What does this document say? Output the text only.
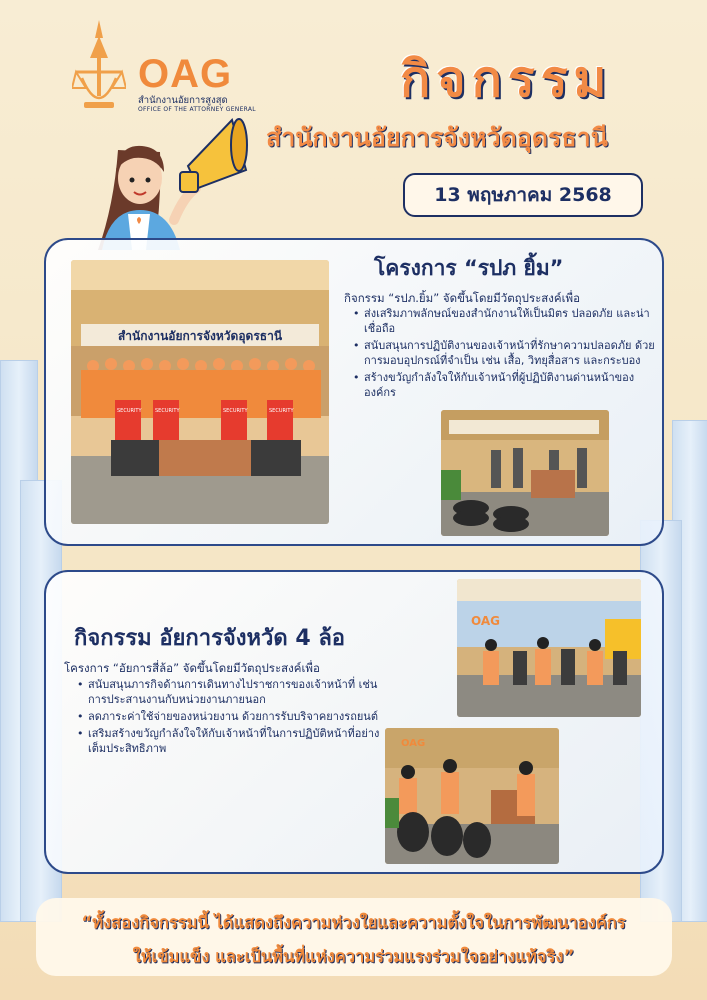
OAG
สำนักงานอัยการสูงสุด
OFFICE OF THE ATTORNEY GENERAL
กิจกรรม
สำนักงานอัยการจังหวัดอุดรธานี
13 พฤษภาคม 2568
สำนักงานอัยการจังหวัดอุดรธานี
SECURITY	SECURITY	SECURITY	SECURITY
โครงการ “รปภ ยิ้ม”
กิจกรรม “รปภ.ยิ้ม” จัดขึ้นโดยมีวัตถุประสงค์เพื่อ
• ส่งเสริมภาพลักษณ์ของสำนักงานให้เป็นมิตร ปลอดภัย และน่าเชื่อถือ
• สนับสนุนการปฏิบัติงานของเจ้าหน้าที่รักษาความปลอดภัย ด้วยการมอบอุปกรณ์ที่จำเป็น เช่น เสื้อ, วิทยุสื่อสาร และกระบอง
• สร้างขวัญกำลังใจให้กับเจ้าหน้าที่ผู้ปฏิบัติงานด่านหน้าขององค์กร
กิจกรรม อัยการจังหวัด 4 ล้อ
โครงการ “อัยการสี่ล้อ” จัดขึ้นโดยมีวัตถุประสงค์เพื่อ
• สนับสนุนภารกิจด้านการเดินทางไปราชการของเจ้าหน้าที่ เช่น การประสานงานกับหน่วยงานภายนอก
• ลดภาระค่าใช้จ่ายของหน่วยงาน ด้วยการรับบริจาคยางรถยนต์
• เสริมสร้างขวัญกำลังใจให้กับเจ้าหน้าที่ในการปฏิบัติหน้าที่อย่างเต็มประสิทธิภาพ
OAG
OAG
“ทั้งสองกิจกรรมนี้ ได้แสดงถึงความห่วงใยและความตั้งใจในการพัฒนาองค์กร
ให้เข้มแข็ง และเป็นพื้นที่แห่งความร่วมแรงร่วมใจอย่างแท้จริง”
